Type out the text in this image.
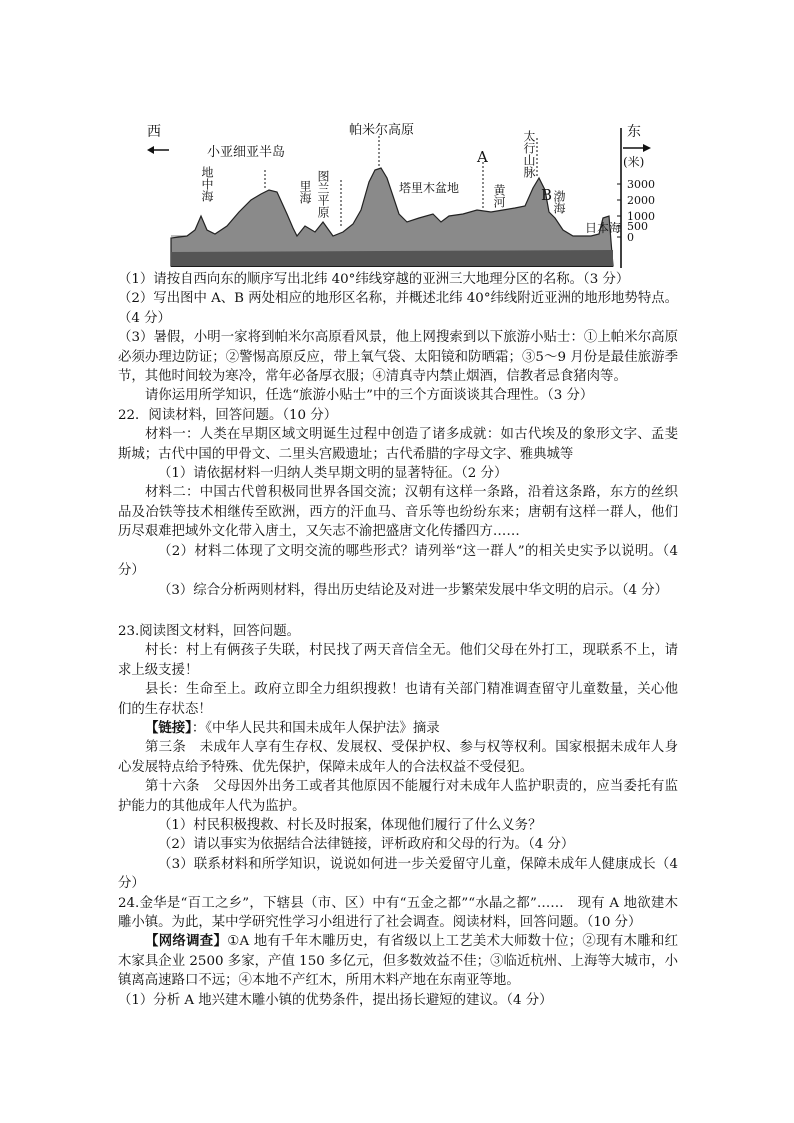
西	东
(米)
3000
2000
1000
500
0
小亚细亚半岛
帕米尔高原	太行山脉
地中海	里海 图兰平原	塔里木盆地	黄河	渤海
日本海
A
B

（1）请按自西向东的顺序写出北纬 40°纬线穿越的亚洲三大地理分区的名称。（3 分）

（2）写出图中 A、B 两处相应的地形区名称，并概述北纬 40°纬线附近亚洲的地形地势特点。（4 分）

（3）暑假，小明一家将到帕米尔高原看风景，他上网搜索到以下旅游小贴士：①上帕米尔高原必须办理边防证；②警惕高原反应，带上氧气袋、太阳镜和防晒霜；③5～9 月份是最佳旅游季节，其他时间较为寒冷，常年必备厚衣服；④清真寺内禁止烟酒，信教者忌食猪肉等。

请你运用所学知识，任选“旅游小贴士”中的三个方面谈谈其合理性。（3 分）

22．阅读材料，回答问题。（10 分）

材料一：人类在早期区域文明诞生过程中创造了诸多成就：如古代埃及的象形文字、孟斐斯城；古代中国的甲骨文、二里头宫殿遗址；古代希腊的字母文字、雅典城等

（1）请依据材料一归纳人类早期文明的显著特征。（2 分）

材料二：中国古代曾积极同世界各国交流；汉朝有这样一条路，沿着这条路，东方的丝织品及冶铁等技术相继传至欧洲，西方的汗血马、音乐等也纷纷东来；唐朝有这样一群人，他们历尽艰难把域外文化带入唐土，又矢志不渝把盛唐文化传播四方……

（2）材料二体现了文明交流的哪些形式？请列举“这一群人”的相关史实予以说明。（4 分）

（3）综合分析两则材料，得出历史结论及对进一步繁荣发展中华文明的启示。（4 分）

23.阅读图文材料，回答问题。

村长：村上有俩孩子失联，村民找了两天音信全无。他们父母在外打工，现联系不上，请求上级支援！

县长：生命至上。政府立即全力组织搜救！也请有关部门精准调查留守儿童数量，关心他们的生存状态！

【链接】：《中华人民共和国未成年人保护法》摘录

第三条　未成年人享有生存权、发展权、受保护权、参与权等权利。国家根据未成年人身心发展特点给予特殊、优先保护，保障未成年人的合法权益不受侵犯。

第十六条　父母因外出务工或者其他原因不能履行对未成年人监护职责的，应当委托有监护能力的其他成年人代为监护。

（1）村民积极搜救、村长及时报案，体现他们履行了什么义务？

（2）请以事实为依据结合法律链接，评析政府和父母的行为。（4 分）

（3）联系材料和所学知识，说说如何进一步关爱留守儿童，保障未成年人健康成长（4 分）

24.金华是“百工之乡”，下辖县（市、区）中有“五金之都”“水晶之都”……　现有 A 地欲建木雕小镇。为此，某中学研究性学习小组进行了社会调查。阅读材料，回答问题。（10 分）

【网络调查】①A 地有千年木雕历史，有省级以上工艺美术大师数十位；②现有木雕和红木家具企业 2500 多家，产值 150 多亿元，但多数效益不佳；③临近杭州、上海等大城市，小镇离高速路口不远；④本地不产红木，所用木料产地在东南亚等地。

（1）分析 A 地兴建木雕小镇的优势条件，提出扬长避短的建议。（4 分）
